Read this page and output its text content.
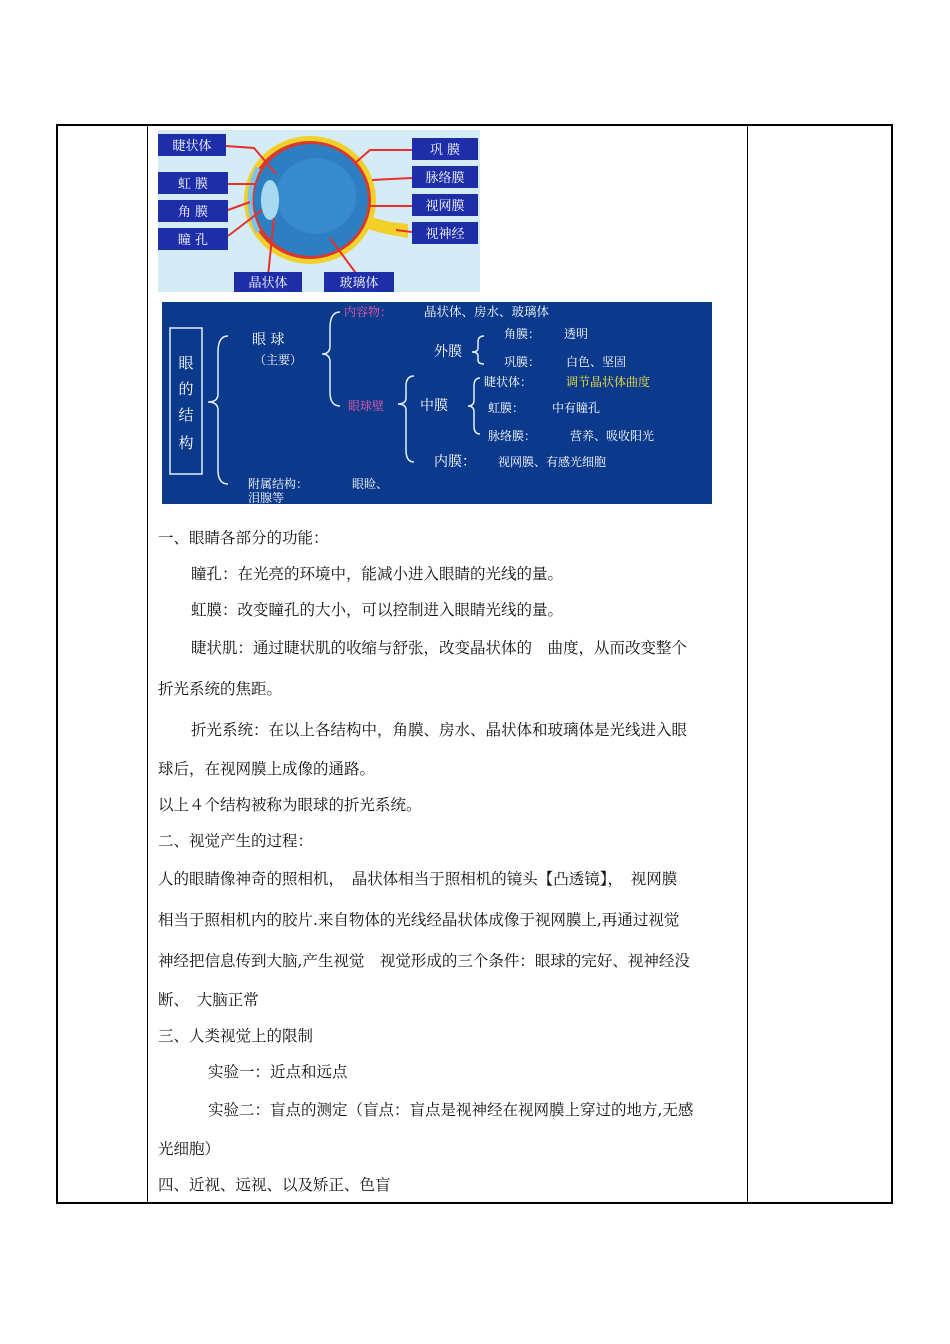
睫状体
虹 膜
角 膜
瞳 孔
巩 膜
脉络膜
视网膜
视神经
晶状体	玻璃体
眼
的
结
构
眼 球
（主要）
内容物：	晶状体、房水、玻璃体
眼球壁
外膜
角膜： 透明
巩膜： 白色、坚固
中膜
睫状体：	调节晶状体曲度
虹膜： 中有瞳孔
脉络膜：	营养、吸收阳光
内膜： 视网膜、有感光细胞
附属结构：	眼睑、
泪腺等
一、眼睛各部分的功能：
瞳孔：在光亮的环境中，能减小进入眼睛的光线的量。
虹膜：改变瞳孔的大小，可以控制进入眼睛光线的量。
睫状肌：通过睫状肌的收缩与舒张，改变晶状体的　曲度，从而改变整个
折光系统的焦距。
折光系统：在以上各结构中，角膜、房水、晶状体和玻璃体是光线进入眼
球后，在视网膜上成像的通路。
以上４个结构被称为眼球的折光系统。
二、视觉产生的过程：
人的眼睛像神奇的照相机，　晶状体相当于照相机的镜头【凸透镜】，　视网膜
相当于照相机内的胶片.来自物体的光线经晶状体成像于视网膜上,再通过视觉
神经把信息传到大脑,产生视觉　视觉形成的三个条件：眼球的完好、视神经没
断、　大脑正常
三、人类视觉上的限制
实验一：近点和远点
实验二：盲点的测定（盲点：盲点是视神经在视网膜上穿过的地方,无感
光细胞）
四、近视、远视、以及矫正、色盲
